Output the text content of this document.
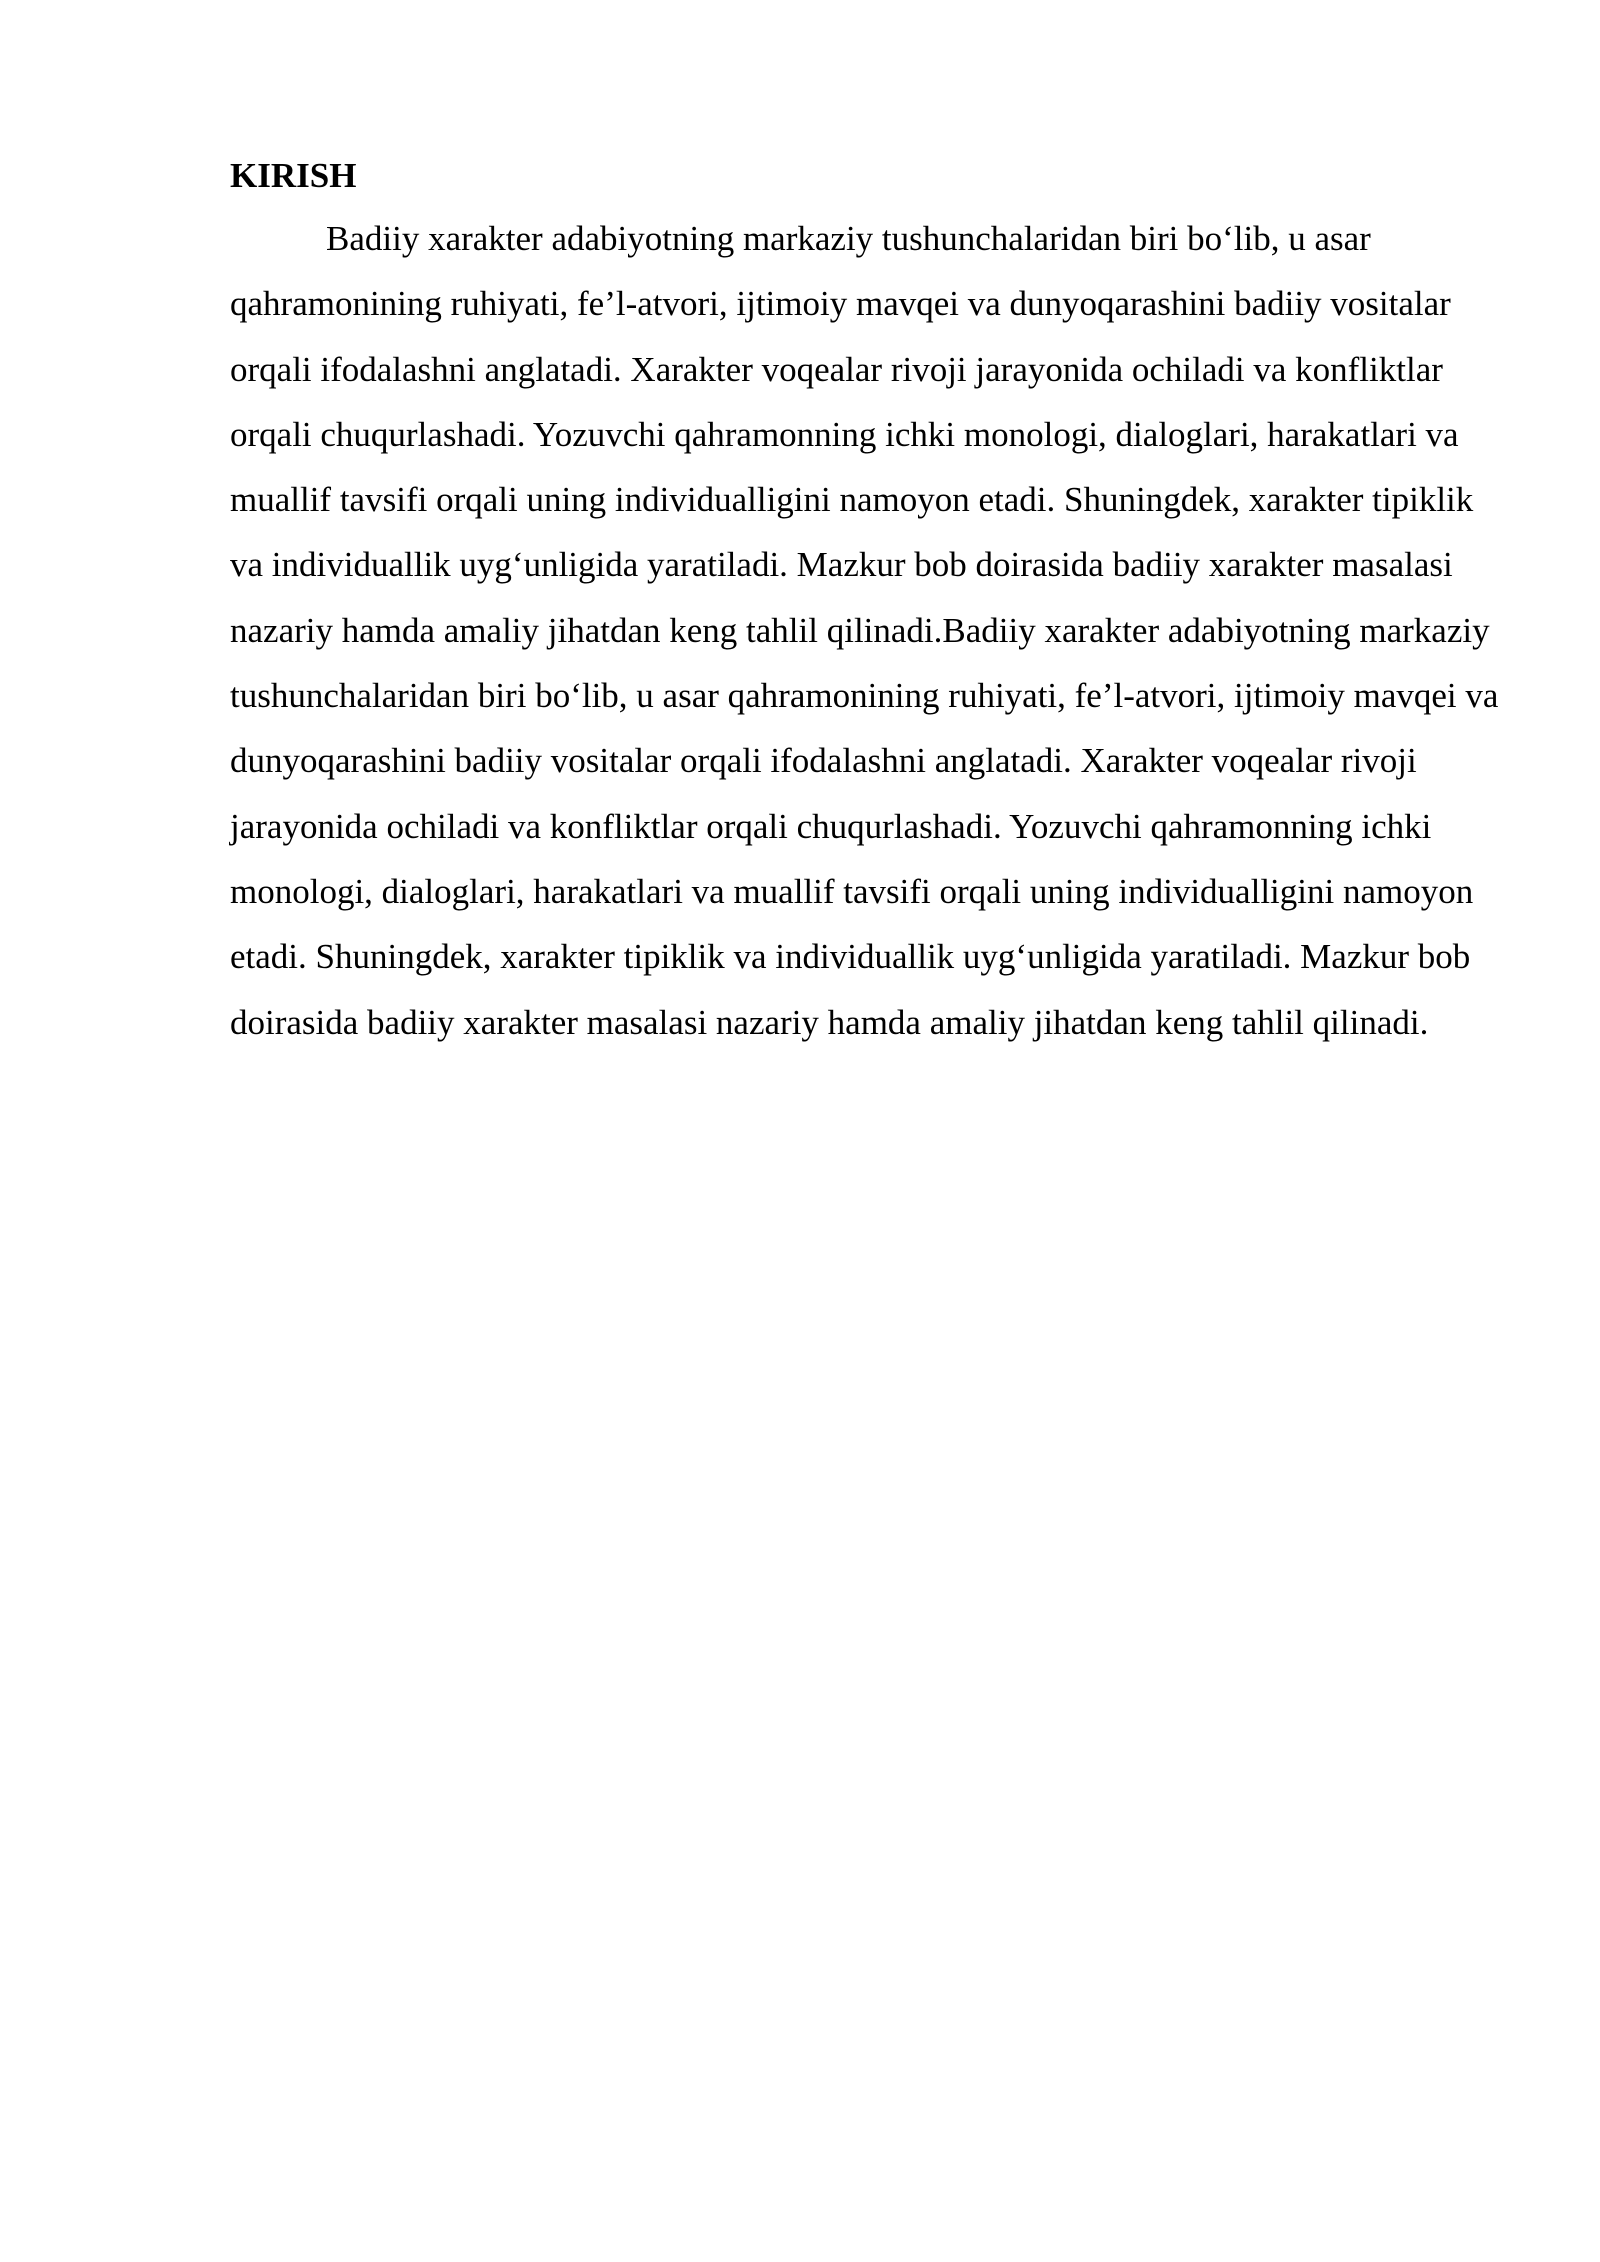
KIRISH

Badiiy xarakter adabiyotning markaziy tushunchalaridan biri bo‘lib, u asar qahramonining ruhiyati, fe’l-atvori, ijtimoiy mavqei va dunyoqarashini badiiy vositalar orqali ifodalashni anglatadi. Xarakter voqealar rivoji jarayonida ochiladi va konfliktlar orqali chuqurlashadi. Yozuvchi qahramonning ichki monologi, dialoglari, harakatlari va muallif tavsifi orqali uning individualligini namoyon etadi. Shuningdek, xarakter tipiklik va individuallik uyg‘unligida yaratiladi. Mazkur bob doirasida badiiy xarakter masalasi nazariy hamda amaliy jihatdan keng tahlil qilinadi.Badiiy xarakter adabiyotning markaziy tushunchalaridan biri bo‘lib, u asar qahramonining ruhiyati, fe’l-atvori, ijtimoiy mavqei va dunyoqarashini badiiy vositalar orqali ifodalashni anglatadi. Xarakter voqealar rivoji jarayonida ochiladi va konfliktlar orqali chuqurlashadi. Yozuvchi qahramonning ichki monologi, dialoglari, harakatlari va muallif tavsifi orqali uning individualligini namoyon etadi. Shuningdek, xarakter tipiklik va individuallik uyg‘unligida yaratiladi. Mazkur bob doirasida badiiy xarakter masalasi nazariy hamda amaliy jihatdan keng tahlil qilinadi.
